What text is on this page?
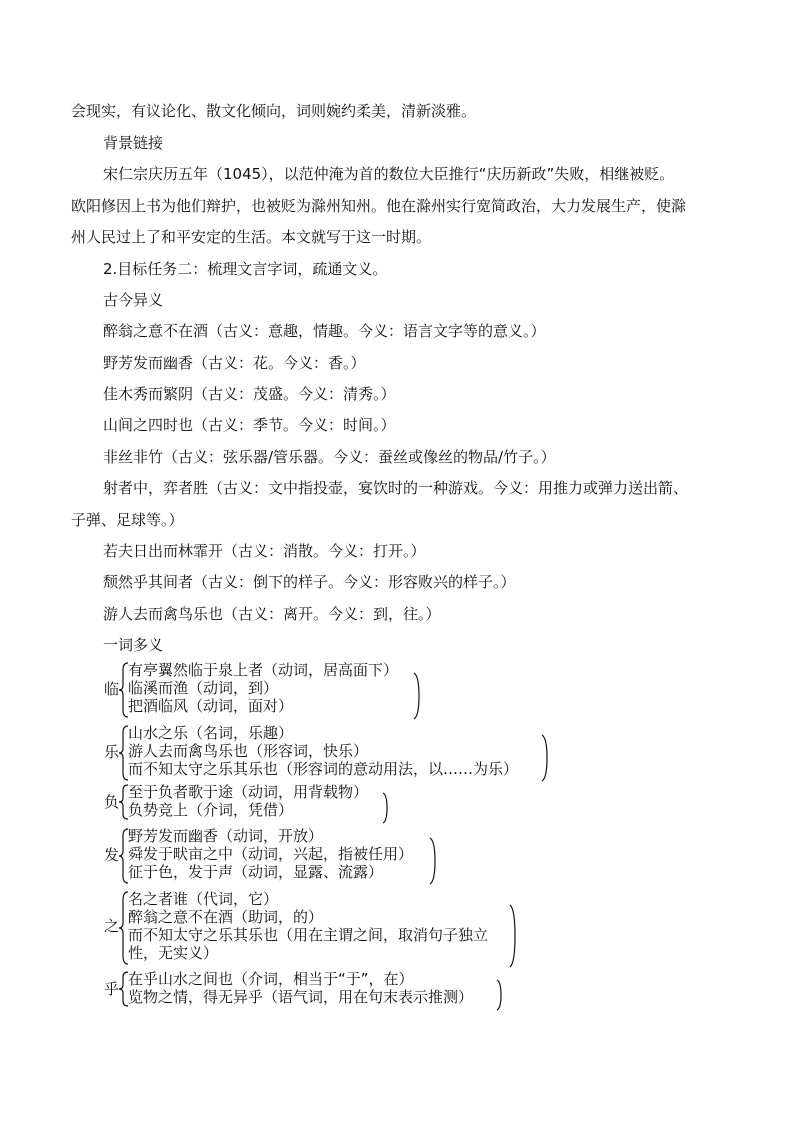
会现实，有议论化、散文化倾向，词则婉约柔美，清新淡雅。
背景链接
宋仁宗庆历五年（1045），以范仲淹为首的数位大臣推行“庆历新政”失败，相继被贬。
欧阳修因上书为他们辩护，也被贬为滁州知州。他在滁州实行宽简政治，大力发展生产，使滁
州人民过上了和平安定的生活。本文就写于这一时期。
2.目标任务二：梳理文言字词，疏通文义。
古今异义
醉翁之意不在酒（古义：意趣，情趣。今义：语言文字等的意义。）
野芳发而幽香（古义：花。今义：香。）
佳木秀而繁阴（古义：茂盛。今义：清秀。）
山间之四时也（古义：季节。今义：时间。）
非丝非竹（古义：弦乐器/管乐器。今义：蚕丝或像丝的物品/竹子。）
射者中，弈者胜（古义：文中指投壶，宴饮时的一种游戏。今义：用推力或弹力送出箭、
子弹、足球等。）
若夫日出而林霏开（古义：消散。今义：打开。）
颓然乎其间者（古义：倒下的样子。今义：形容败兴的样子。）
游人去而禽鸟乐也（古义：离开。今义：到，往。）
一词多义
临
有亭翼然临于泉上者（动词，居高面下）
临溪而渔（动词，到）
把酒临风（动词，面对）
乐
山水之乐（名词，乐趣）
游人去而禽鸟乐也（形容词，快乐）
而不知太守之乐其乐也（形容词的意动用法，以……为乐）
负
至于负者歌于途（动词，用背载物）
负势竞上（介词，凭借）
发
野芳发而幽香（动词，开放）
舜发于畎亩之中（动词，兴起，指被任用）
征于色，发于声（动词，显露、流露）
之
名之者谁（代词，它）
醉翁之意不在酒（助词，的）
而不知太守之乐其乐也（用在主谓之间，取消句子独立
性，无实义）
乎
在乎山水之间也（介词，相当于“于”，在）
览物之情，得无异乎（语气词，用在句末表示推测）
